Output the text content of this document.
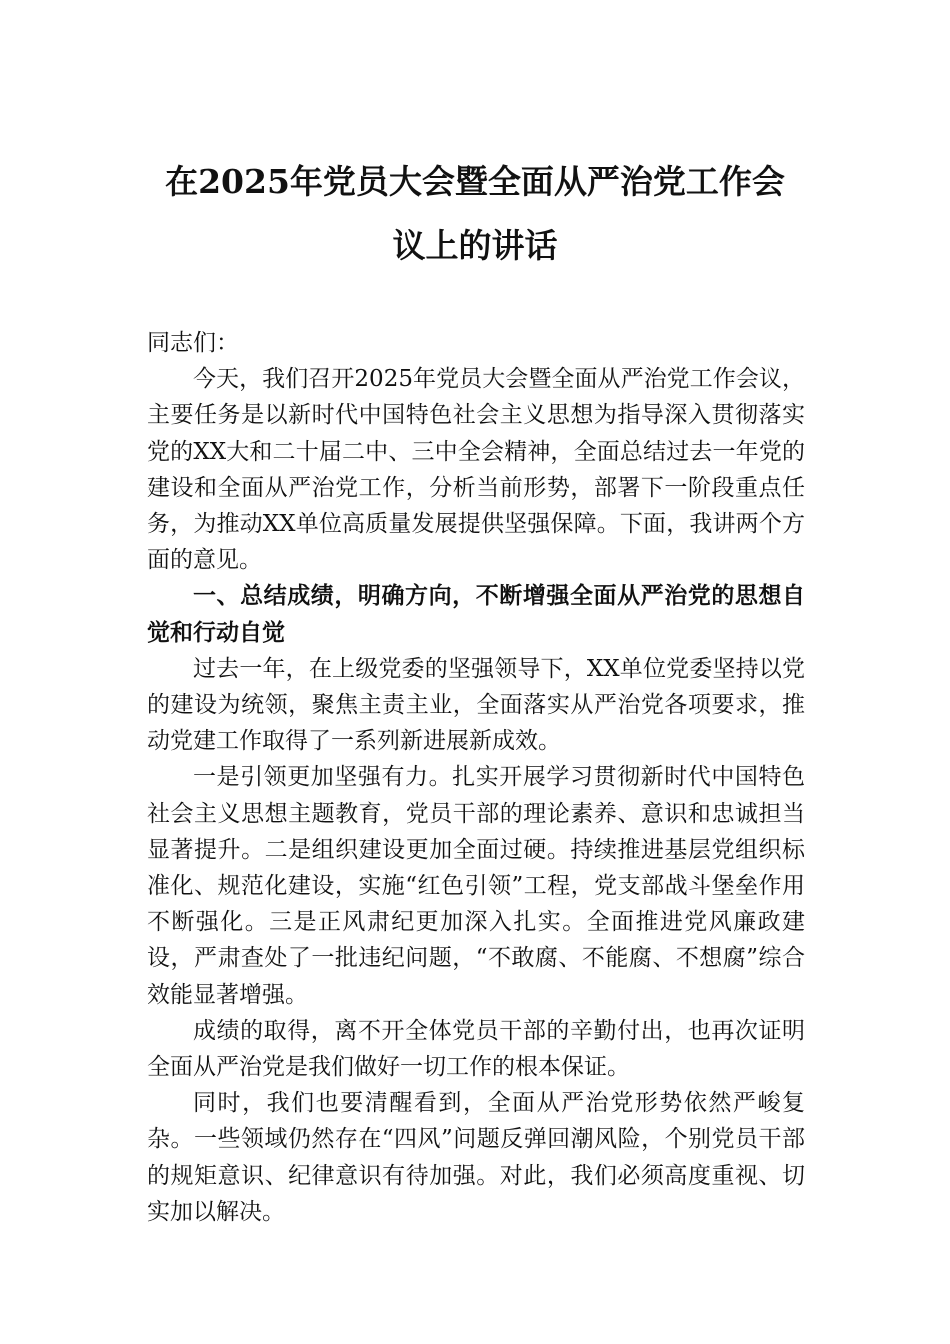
在2025年党员大会暨全面从严治党工作会
议上的讲话

同志们：

今天，我们召开2025年党员大会暨全面从严治党工作会议，主要任务是以新时代中国特色社会主义思想为指导深入贯彻落实党的XX大和二十届二中、三中全会精神，全面总结过去一年党的建设和全面从严治党工作，分析当前形势，部署下一阶段重点任务，为推动XX单位高质量发展提供坚强保障。下面，我讲两个方面的意见。

一、总结成绩，明确方向，不断增强全面从严治党的思想自觉和行动自觉

过去一年，在上级党委的坚强领导下，XX单位党委坚持以党的建设为统领，聚焦主责主业，全面落实从严治党各项要求，推动党建工作取得了一系列新进展新成效。

一是引领更加坚强有力。扎实开展学习贯彻新时代中国特色社会主义思想主题教育，党员干部的理论素养、意识和忠诚担当显著提升。二是组织建设更加全面过硬。持续推进基层党组织标准化、规范化建设，实施“红色引领”工程，党支部战斗堡垒作用不断强化。三是正风肃纪更加深入扎实。全面推进党风廉政建设，严肃查处了一批违纪问题，“不敢腐、不能腐、不想腐”综合效能显著增强。

成绩的取得，离不开全体党员干部的辛勤付出，也再次证明全面从严治党是我们做好一切工作的根本保证。

同时，我们也要清醒看到，全面从严治党形势依然严峻复杂。一些领域仍然存在“四风”问题反弹回潮风险，个别党员干部的规矩意识、纪律意识有待加强。对此，我们必须高度重视、切实加以解决。
